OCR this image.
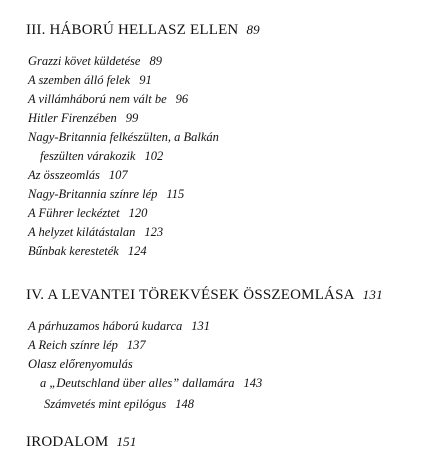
III. HÁBORÚ HELLASZ ELLEN 89
Grazzi követ küldetése 89
A szemben álló felek 91
A villámháború nem vált be 96
Hitler Firenzében 99
Nagy-Britannia felkészülten, a Balkán
feszülten várakozik 102
Az összeomlás 107
Nagy-Britannia színre lép 115
A Führer leckéztet 120
A helyzet kilátástalan 123
Bűnbak keresteték 124
IV. A LEVANTEI TÖREKVÉSEK ÖSSZEOMLÁSA 131
A párhuzamos háború kudarca 131
A Reich színre lép 137
Olasz előrenyomulás
a „Deutschland über alles” dallamára 143
Számvetés mint epilógus 148
IRODALOM 151
